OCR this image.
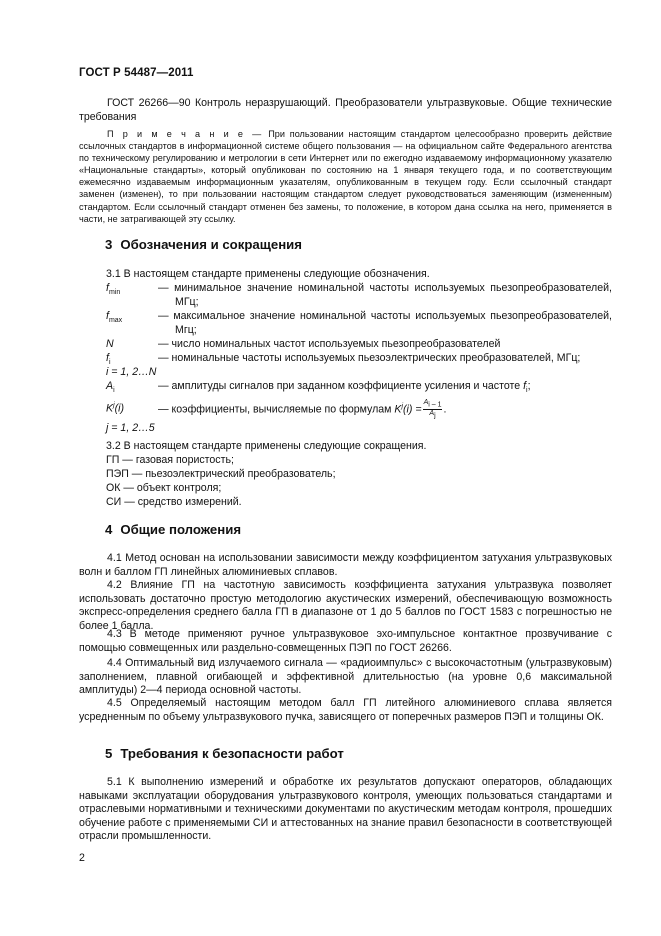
ГОСТ Р 54487—2011
ГОСТ 26266—90 Контроль неразрушающий. Преобразователи ультразвуковые. Общие технические требования
П р и м е ч а н и е — При пользовании настоящим стандартом целесообразно проверить действие ссылочных стандартов в информационной системе общего пользования — на официальном сайте Федерального агентства по техническому регулированию и метрологии в сети Интернет или по ежегодно издаваемому информационному указателю «Национальные стандарты», который опубликован по состоянию на 1 января текущего года, и по соответствующим ежемесячно издаваемым информационным указателям, опубликованным в текущем году. Если ссылочный стандарт заменен (изменен), то при пользовании настоящим стандартом следует руководствоваться заменяющим (измененным) стандартом. Если ссылочный стандарт отменен без замены, то положение, в котором дана ссылка на него, применяется в части, не затрагивающей эту ссылку.
3 Обозначения и сокращения
3.1 В настоящем стандарте применены следующие обозначения.
$f_{min}$	— минимальное значение номинальной частоты используемых пьезопреобразователей, МГц;
$f_{max}$	— максимальное значение номинальной частоты используемых пьезопреобразователей, Мгц;
N	— число номинальных частот используемых пьезопреобразователей
$f_i$	— номинальные частоты используемых пьезоэлектрических преобразователей, МГц;
i = 1, 2…N
$A_i$	— амплитуды сигналов при заданном коэффициенте усиления и частоте $f_i$;
$K^j(i)$	— коэффициенты, вычисляемые по формулам $K^j(i) = \frac{A_{i - 1}}{A_j}$ .
j = 1, 2…5
3.2 В настоящем стандарте применены следующие сокращения.
ГП — газовая пористость;
ПЭП — пьезоэлектрический преобразователь;
ОК — объект контроля;
СИ — средство измерений.
4 Общие положения
4.1 Метод основан на использовании зависимости между коэффициентом затухания ультразвуковых волн и баллом ГП линейных алюминиевых сплавов.
4.2 Влияние ГП на частотную зависимость коэффициента затухания ультразвука позволяет использовать достаточно простую методологию акустических измерений, обеспечивающую возможность экспресс-определения среднего балла ГП в диапазоне от 1 до 5 баллов по ГОСТ 1583 с погрешностью не более 1 балла.
4.3 В методе применяют ручное ультразвуковое эхо-импульсное контактное прозвучивание с помощью совмещенных или раздельно-совмещенных ПЭП по ГОСТ 26266.
4.4 Оптимальный вид излучаемого сигнала — «радиоимпульс» с высокочастотным (ультразвуковым) заполнением, плавной огибающей и эффективной длительностью (на уровне 0,6 максимальной амплитуды) 2—4 периода основной частоты.
4.5 Определяемый настоящим методом балл ГП литейного алюминиевого сплава является усредненным по объему ультразвукового пучка, зависящего от поперечных размеров ПЭП и толщины ОК.
5 Требования к безопасности работ
5.1 К выполнению измерений и обработке их результатов допускают операторов, обладающих навыками эксплуатации оборудования ультразвукового контроля, умеющих пользоваться стандартами и отраслевыми нормативными и техническими документами по акустическим методам контроля, прошедших обучение работе с применяемыми СИ и аттестованных на знание правил безопасности в соответствующей отрасли промышленности.
2
